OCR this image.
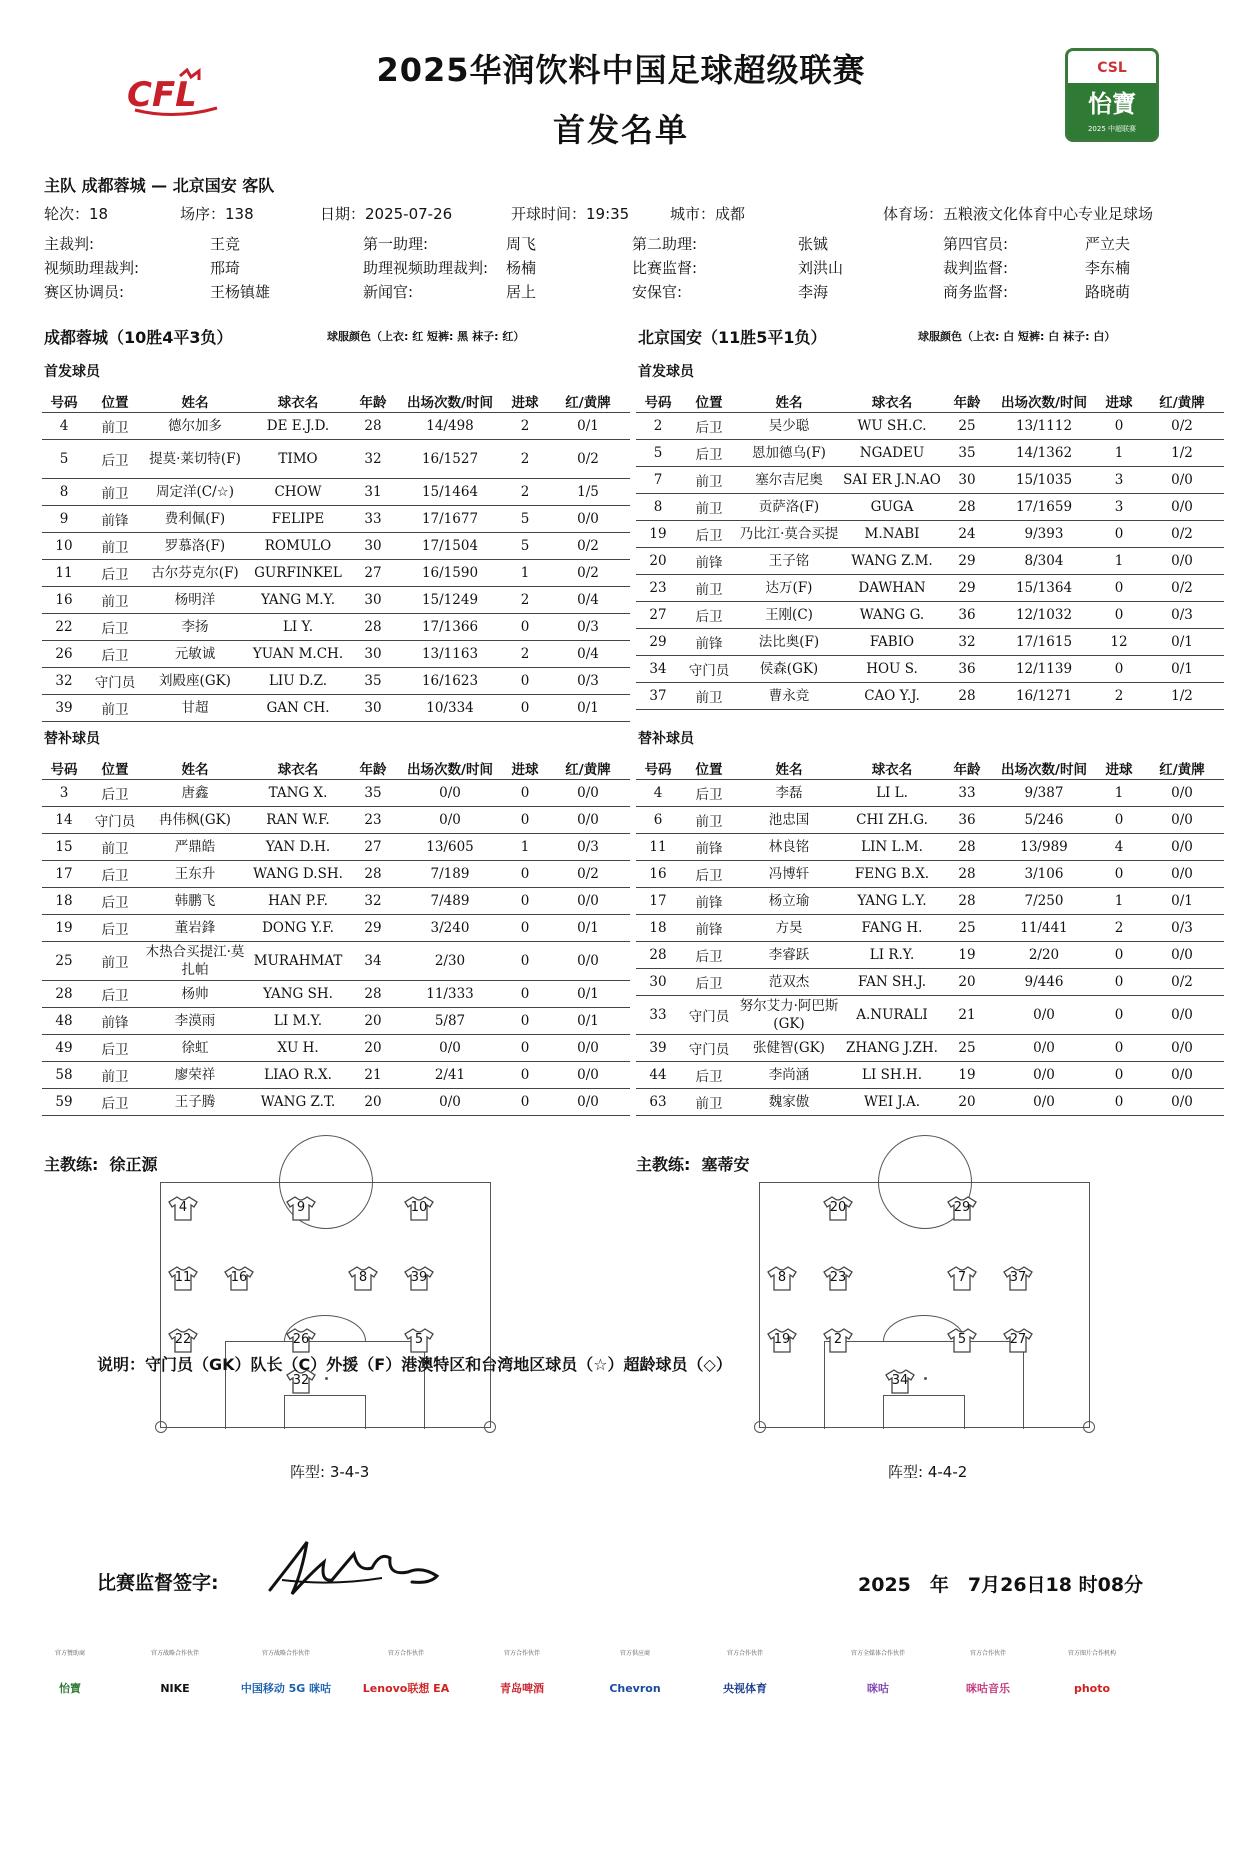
CFL
2025华润饮料中国足球超级联赛
首发名单
CSL
怡寶
2025 中超联赛
主队 成都蓉城 — 北京国安 客队
轮次：18	场序：138	日期：2025-07-26	开球时间：19:35	城市：成都	体育场：五粮液文化体育中心专业足球场
主裁判:	王竞	第一助理:	周飞	第二助理:	张铖	第四官员:	严立夫
视频助理裁判:	邢琦	助理视频助理裁判: 杨楠	比赛监督:	刘洪山	裁判监督:	李东楠
赛区协调员:	王杨镇雄	新闻官:	居上	安保官:	李海	商务监督:	路晓萌
成都蓉城（10胜4平3负）	球服颜色（上衣: 红 短裤: 黑 袜子: 红）	北京国安（11胜5平1负）	球服颜色（上衣: 白 短裤: 白 袜子: 白）
首发球员	首发球员
替补球员	替补球员
号码	位置	姓名	球衣名	年龄	出场次数/时间	进球	红/黄牌
4	前卫	德尔加多	DE E.J.D.	28	14/498	2	0/1
5	后卫	提莫·莱切特(F)	TIMO	32	16/1527	2	0/2
8	前卫	周定洋(C/☆)	CHOW	31	15/1464	2	1/5
9	前锋	费利佩(F)	FELIPE	33	17/1677	5	0/0
10	前卫	罗慕洛(F)	ROMULO	30	17/1504	5	0/2
11	后卫	古尔芬克尔(F)	GURFINKEL	27	16/1590	1	0/2
16	前卫	杨明洋	YANG M.Y.	30	15/1249	2	0/4
22	后卫	李扬	LI Y.	28	17/1366	0	0/3
26	后卫	元敏诚	YUAN M.CH.	30	13/1163	2	0/4
32	守门员	刘殿座(GK)	LIU D.Z.	35	16/1623	0	0/3
39	前卫	甘超	GAN CH.	30	10/334	0	0/1
号码	位置	姓名	球衣名	年龄	出场次数/时间	进球	红/黄牌
2	后卫	吴少聪	WU SH.C.	25	13/1112	0	0/2
5	后卫	恩加德乌(F)	NGADEU	35	14/1362	1	1/2
7	前卫	塞尔吉尼奥	SAI ER J.N.AO	30	15/1035	3	0/0
8	前卫	贡萨洛(F)	GUGA	28	17/1659	3	0/0
19	后卫	乃比江·莫合买提	M.NABI	24	9/393	0	0/2
20	前锋	王子铭	WANG Z.M.	29	8/304	1	0/0
23	前卫	达万(F)	DAWHAN	29	15/1364	0	0/2
27	后卫	王刚(C)	WANG G.	36	12/1032	0	0/3
29	前锋	法比奥(F)	FABIO	32	17/1615	12	0/1
34	守门员	侯森(GK)	HOU S.	36	12/1139	0	0/1
37	前卫	曹永竞	CAO Y.J.	28	16/1271	2	1/2
号码	位置	姓名	球衣名	年龄	出场次数/时间	进球	红/黄牌
3	后卫	唐鑫	TANG X.	35	0/0	0	0/0
14	守门员	冉伟枫(GK)	RAN W.F.	23	0/0	0	0/0
15	前卫	严鼎皓	YAN D.H.	27	13/605	1	0/3
17	后卫	王东升	WANG D.SH.	28	7/189	0	0/2
18	后卫	韩鹏飞	HAN P.F.	32	7/489	0	0/0
19	后卫	董岩鋒	DONG Y.F.	29	3/240	0	0/1
25	前卫	木热合买提江·莫扎帕	MURAHMAT	34	2/30	0	0/0
28	后卫	杨帅	YANG SH.	28	11/333	0	0/1
48	前锋	李漠雨	LI M.Y.	20	5/87	0	0/1
49	后卫	徐虹	XU H.	20	0/0	0	0/0
58	前卫	廖荣祥	LIAO R.X.	21	2/41	0	0/0
59	后卫	王子腾	WANG Z.T.	20	0/0	0	0/0
号码	位置	姓名	球衣名	年龄	出场次数/时间	进球	红/黄牌
4	后卫	李磊	LI L.	33	9/387	1	0/0
6	前卫	池忠国	CHI ZH.G.	36	5/246	0	0/0
11	前锋	林良铭	LIN L.M.	28	13/989	4	0/0
16	后卫	冯博轩	FENG B.X.	28	3/106	0	0/0
17	前锋	杨立瑜	YANG L.Y.	28	7/250	1	0/1
18	前锋	方昊	FANG H.	25	11/441	2	0/3
28	后卫	李睿跃	LI R.Y.	19	2/20	0	0/0
30	后卫	范双杰	FAN SH.J.	20	9/446	0	0/2
33	守门员	努尔艾力·阿巴斯(GK)	A.NURALI	21	0/0	0	0/0
39	守门员	张健智(GK)	ZHANG J.ZH.	25	0/0	0	0/0
44	后卫	李尚涵	LI SH.H.	19	0/0	0	0/0
63	前卫	魏家傲	WEI J.A.	20	0/0	0	0/0
主教练: 徐正源	主教练: 塞蒂安
4	9	10
11	16	8	39
22	26	5
32
20	29
8	23	7	37
19	2	5	27
34
阵型: 3-4-3	阵型: 4-4-2
说明：守门员（GK）队长（C）外援（F）港澳特区和台湾地区球员（☆）超龄球员（◇）
比赛监督签字:	2025　年　7月26日18 时08分
官方赞助商
怡寶
官方战略合作伙伴
NIKE
官方战略合作伙伴
中国移动 5G 咪咕
官方合作伙伴
Lenovo联想 EA
官方合作伙伴
青岛啤酒
官方供应商
Chevron
官方合作伙伴
央视体育
官方全媒体合作伙伴
咪咕
官方合作伙伴
咪咕音乐
官方图片合作机构
photo
